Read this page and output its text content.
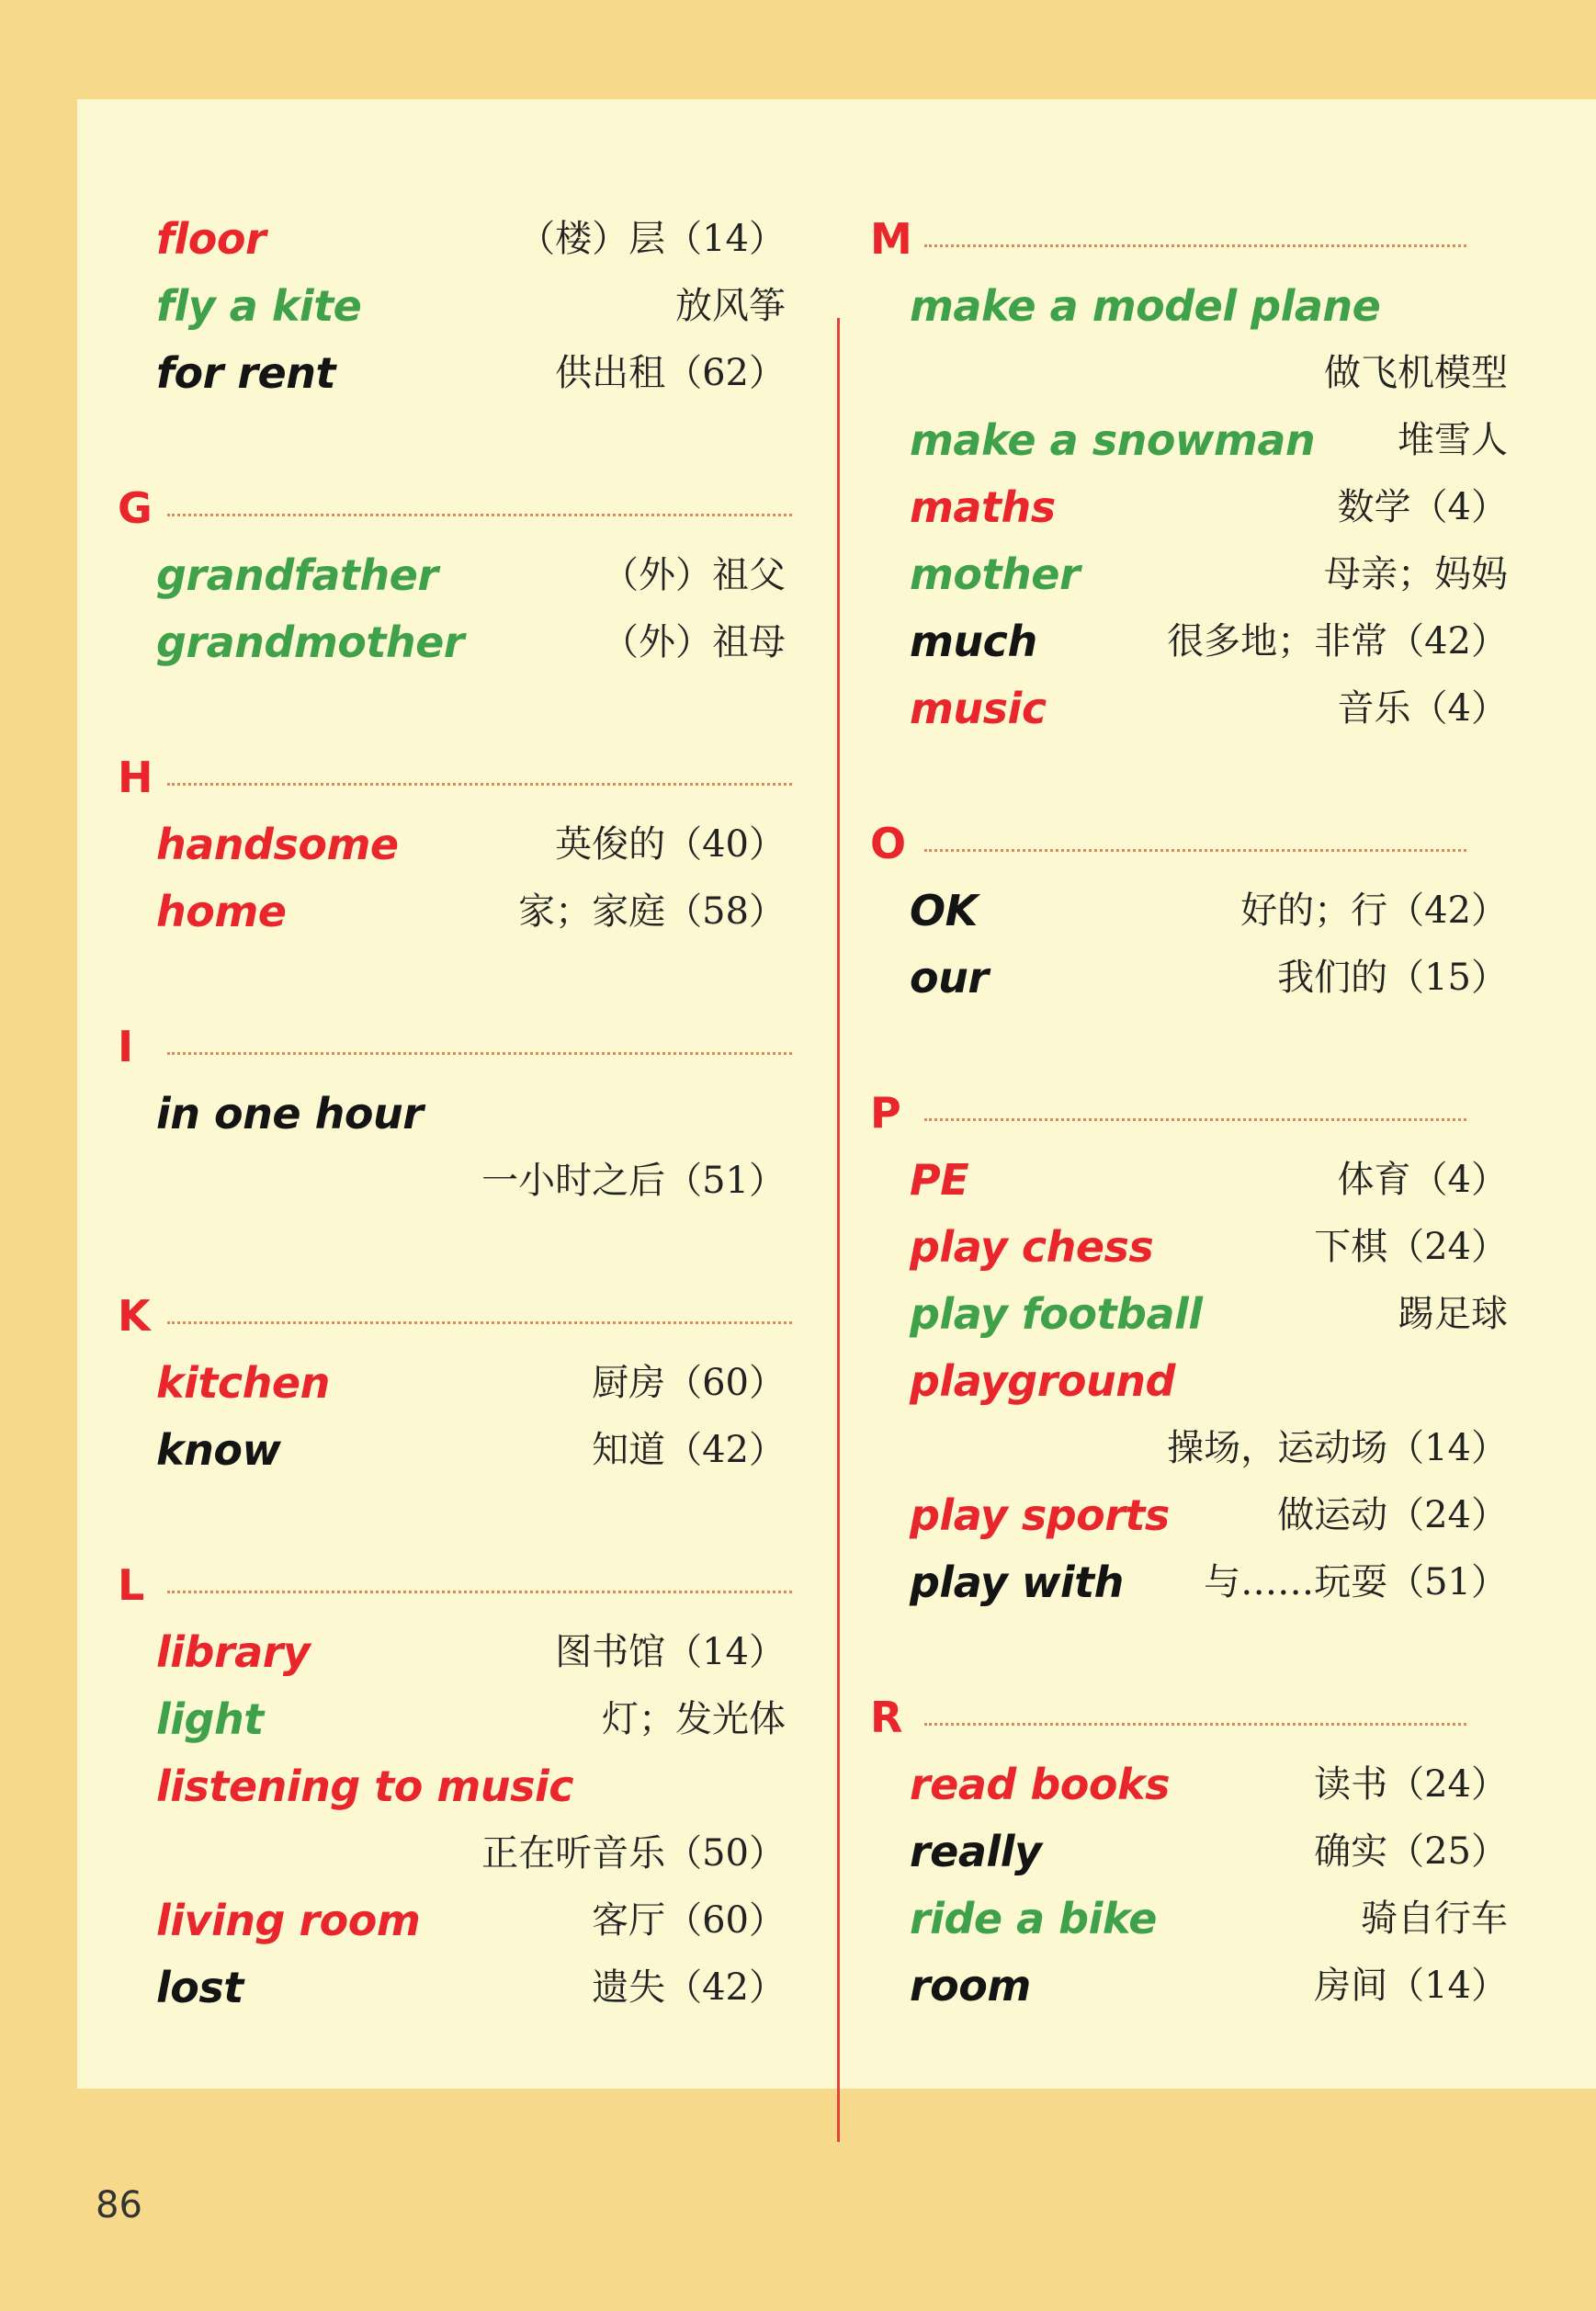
floor	（楼）层（14）
fly a kite	放风筝
for rent	供出租（62）
G
grandfather	（外）祖父
grandmother	（外）祖母
H
handsome	英俊的（40）
home	家；家庭（58）
I
in one hour
一小时之后（51）
K
kitchen	厨房（60）
know	知道（42）
L
library	图书馆（14）
light	灯；发光体
listening to music
正在听音乐（50）
living room	客厅（60）
lost	遗失（42）
M
make a model plane
做飞机模型
make a snowman 堆雪人
maths	数学（4）
mother	母亲；妈妈
much	很多地；非常（42）
music	音乐（4）
O
OK	好的；行（42）
our	我们的（15）
P
PE	体育（4）
play chess	下棋（24）
play football	踢足球
playground
操场，运动场（14）
play sports	做运动（24）
play with 与……玩耍（51）
R
read books	读书（24）
really	确实（25）
ride a bike	骑自行车
room	房间（14）
86
